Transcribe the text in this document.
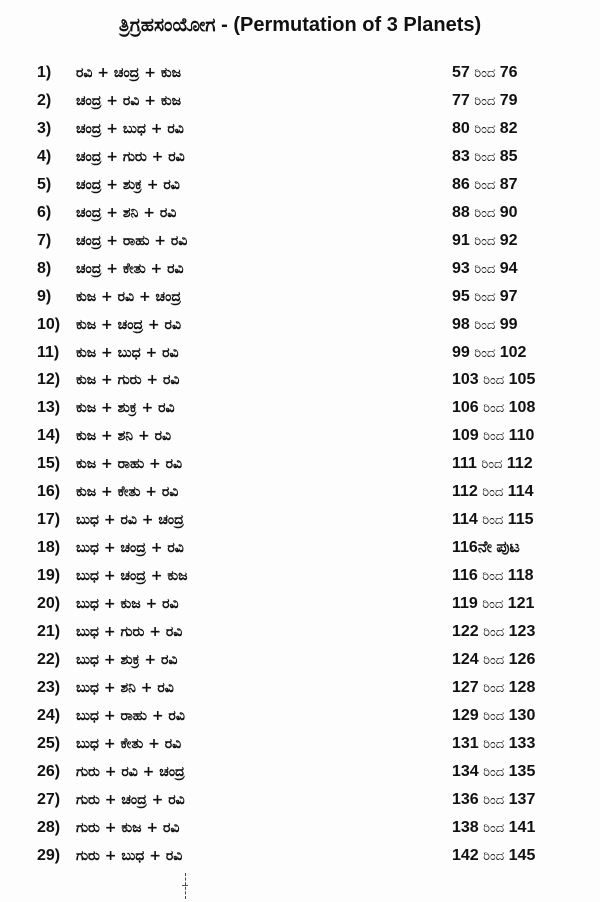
ತ್ರಿಗ್ರಹಸಂಯೋಗ - (Permutation of 3 Planets)
1) ರವಿ + ಚಂದ್ರ + ಕುಜ	57 ರಿಂದ 76
2) ಚಂದ್ರ + ರವಿ + ಕುಜ	77 ರಿಂದ 79
3) ಚಂದ್ರ + ಬುಧ + ರವಿ	80 ರಿಂದ 82
4) ಚಂದ್ರ + ಗುರು + ರವಿ	83 ರಿಂದ 85
5) ಚಂದ್ರ + ಶುಕ್ರ + ರವಿ	86 ರಿಂದ 87
6) ಚಂದ್ರ + ಶನಿ + ರವಿ	88 ರಿಂದ 90
7) ಚಂದ್ರ + ರಾಹು + ರವಿ	91 ರಿಂದ 92
8) ಚಂದ್ರ + ಕೇತು + ರವಿ	93 ರಿಂದ 94
9) ಕುಜ + ರವಿ + ಚಂದ್ರ	95 ರಿಂದ 97
10) ಕುಜ + ಚಂದ್ರ + ರವಿ	98 ರಿಂದ 99
11) ಕುಜ + ಬುಧ + ರವಿ	99 ರಿಂದ 102
12) ಕುಜ + ಗುರು + ರವಿ	103 ರಿಂದ 105
13) ಕುಜ + ಶುಕ್ರ + ರವಿ	106 ರಿಂದ 108
14) ಕುಜ + ಶನಿ + ರವಿ	109 ರಿಂದ 110
15) ಕುಜ + ರಾಹು + ರವಿ	111 ರಿಂದ 112
16) ಕುಜ + ಕೇತು + ರವಿ	112 ರಿಂದ 114
17) ಬುಧ + ರವಿ + ಚಂದ್ರ	114 ರಿಂದ 115
18) ಬುಧ + ಚಂದ್ರ + ರವಿ	116ನೇ ಪುಟ
19) ಬುಧ + ಚಂದ್ರ + ಕುಜ	116 ರಿಂದ 118
20) ಬುಧ + ಕುಜ + ರವಿ	119 ರಿಂದ 121
21) ಬುಧ + ಗುರು + ರವಿ	122 ರಿಂದ 123
22) ಬುಧ + ಶುಕ್ರ + ರವಿ	124 ರಿಂದ 126
23) ಬುಧ + ಶನಿ + ರವಿ	127 ರಿಂದ 128
24) ಬುಧ + ರಾಹು + ರವಿ	129 ರಿಂದ 130
25) ಬುಧ + ಕೇತು + ರವಿ	131 ರಿಂದ 133
26) ಗುರು + ರವಿ + ಚಂದ್ರ	134 ರಿಂದ 135
27) ಗುರು + ಚಂದ್ರ + ರವಿ	136 ರಿಂದ 137
28) ಗುರು + ಕುಜ + ರವಿ	138 ರಿಂದ 141
29) ಗುರು + ಬುಧ + ರವಿ	142 ರಿಂದ 145
